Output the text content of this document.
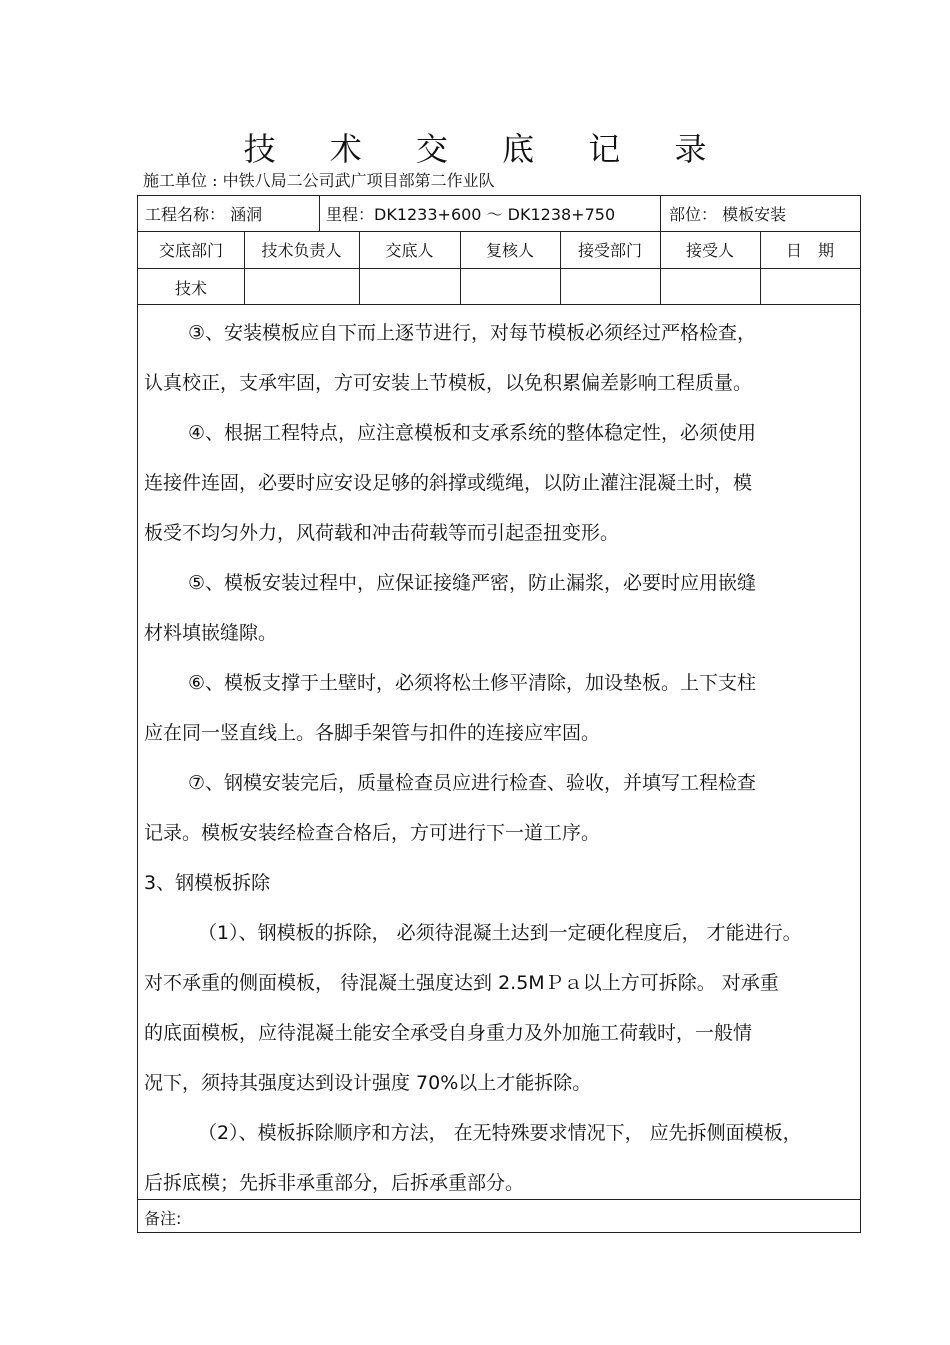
技 术 交 底 记 录
施工单位 : 中铁八局二公司武广项目部第二作业队
工程名称： 涵洞	里程：DK1233+600 ～ DK1238+750	部位： 模板安装
交底部门	技术负责人	交底人	复核人	接受部门	接受人	日　期
技术
③、安装模板应自下而上逐节进行，对每节模板必须经过严格检查，
认真校正，支承牢固，方可安装上节模板，以免积累偏差影响工程质量。
④、根据工程特点，应注意模板和支承系统的整体稳定性，必须使用
连接件连固，必要时应安设足够的斜撑或缆绳，以防止灌注混凝土时，模
板受不均匀外力，风荷载和冲击荷载等而引起歪扭变形。
⑤、模板安装过程中，应保证接缝严密，防止漏浆，必要时应用嵌缝
材料填嵌缝隙。
⑥、模板支撑于土壁时，必须将松土修平清除，加设垫板。上下支柱
应在同一竖直线上。各脚手架管与扣件的连接应牢固。
⑦、钢模安装完后，质量检查员应进行检查、验收，并填写工程检查
记录。模板安装经检查合格后，方可进行下一道工序。
3、钢模板拆除
（1）、钢模板的拆除， 必须待混凝土达到一定硬化程度后， 才能进行。
对不承重的侧面模板， 待混凝土强度达到 2.5MＰａ以上方可拆除。 对承重
的底面模板，应待混凝土能安全承受自身重力及外加施工荷载时，一般情
况下，须持其强度达到设计强度 70%以上才能拆除。
（2）、模板拆除顺序和方法， 在无特殊要求情况下， 应先拆侧面模板，
后拆底模；先拆非承重部分，后拆承重部分。
备注:
